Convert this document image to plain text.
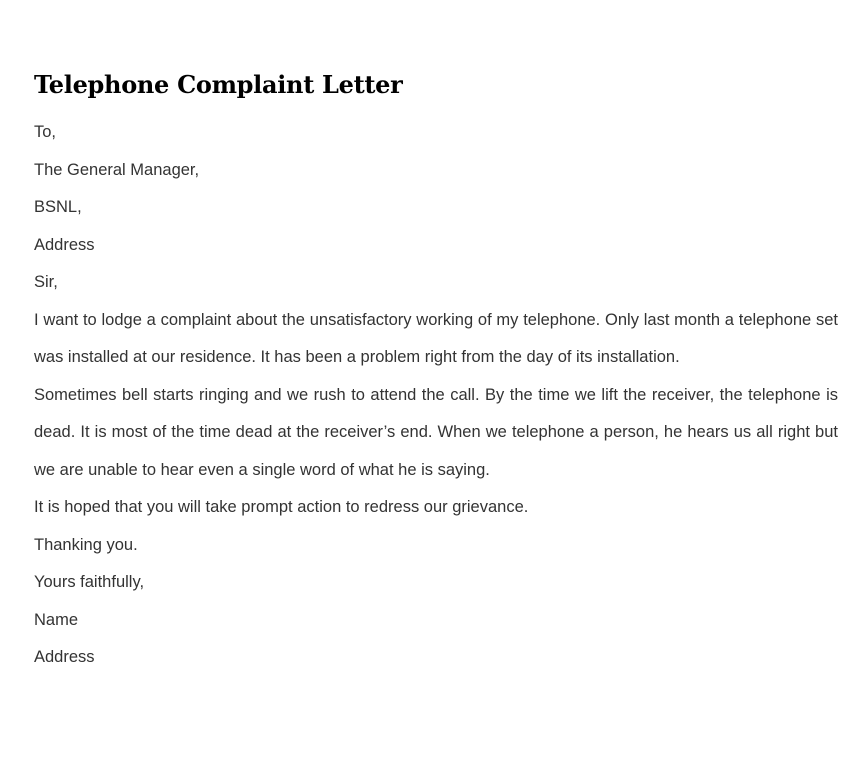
Telephone Complaint Letter

To,

The General Manager,

BSNL,

Address

Sir,

I want to lodge a complaint about the unsatisfactory working of my telephone. Only last month a telephone set was installed at our residence. It has been a problem right from the day of its installation.

Sometimes bell starts ringing and we rush to attend the call. By the time we lift the receiver, the telephone is dead. It is most of the time dead at the receiver’s end. When we telephone a person, he hears us all right but we are unable to hear even a single word of what he is saying.

It is hoped that you will take prompt action to redress our grievance.

Thanking you.

Yours faithfully,

Name

Address
